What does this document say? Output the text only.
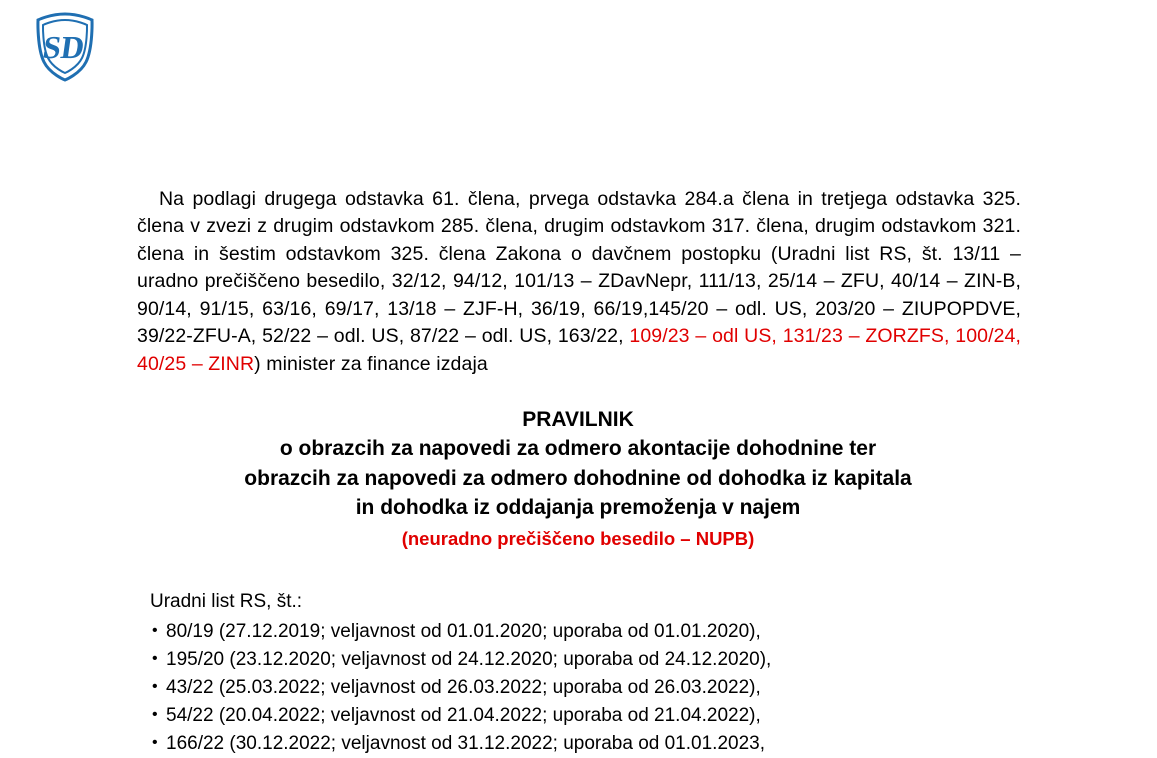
SD

Na podlagi drugega odstavka 61. člena, prvega odstavka 284.a člena in tretjega odstavka 325. člena v zvezi z drugim odstavkom 285. člena, drugim odstavkom 317. člena, drugim odstavkom 321. člena in šestim odstavkom 325. člena Zakona o davčnem postopku (Uradni list RS, št. 13/11 – uradno prečiščeno besedilo, 32/12, 94/12, 101/13 – ZDavNepr, 111/13, 25/14 – ZFU, 40/14 – ZIN-B, 90/14, 91/15, 63/16, 69/17, 13/18 – ZJF-H, 36/19, 66/19,145/20 – odl. US, 203/20 – ZIUPOPDVE, 39/22-ZFU-A, 52/22 – odl. US, 87/22 – odl. US, 163/22, 109/23 – odl US, 131/23 – ZORZFS, 100/24, 40/25 – ZINR) minister za finance izdaja

PRAVILNIK
o obrazcih za napovedi za odmero akontacije dohodnine ter
obrazcih za napovedi za odmero dohodnine od dohodka iz kapitala
in dohodka iz oddajanja premoženja v najem
(neuradno prečiščeno besedilo – NUPB)
Uradni list RS, št.:
• 80/19 (27.12.2019; veljavnost od 01.01.2020; uporaba od 01.01.2020),
• 195/20 (23.12.2020; veljavnost od 24.12.2020; uporaba od 24.12.2020),
• 43/22 (25.03.2022; veljavnost od 26.03.2022; uporaba od 26.03.2022),
• 54/22 (20.04.2022; veljavnost od 21.04.2022; uporaba od 21.04.2022),
• 166/22 (30.12.2022; veljavnost od 31.12.2022; uporaba od 01.01.2023,
